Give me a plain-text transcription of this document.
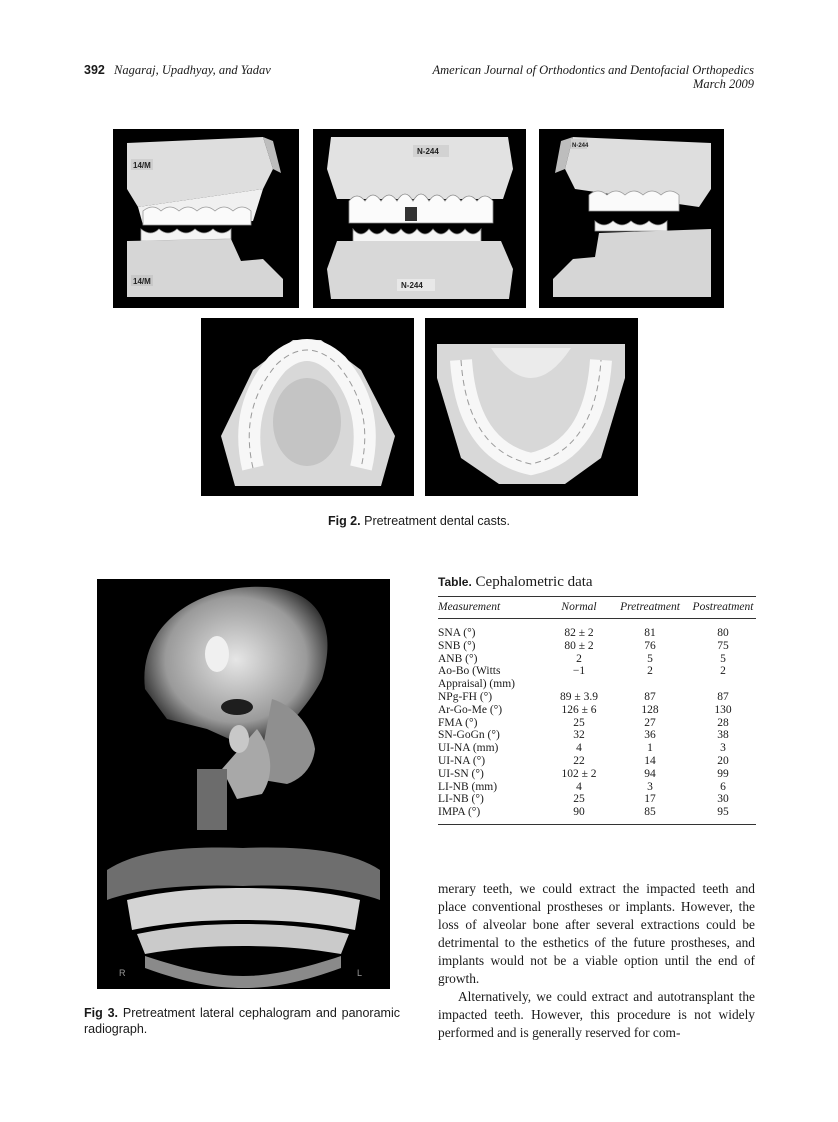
392 Nagaraj, Upadhyay, and Yadav	American Journal of Orthodontics and Dentofacial Orthopedics
March 2009
14/M
14/M
N-244
N-244
N-244
Fig 2. Pretreatment dental casts.
R	L
Fig 3. Pretreatment lateral cephalogram and panoramic radiograph.
Table. Cephalometric data
Measurement	Normal	Pretreatment	Postreatment
SNA (°)	82 ± 2	81	80
SNB (°)	80 ± 2	76	75
ANB (°)	2	5	5
Ao-Bo (Witts Appraisal) (mm)	−1	2	2
NPg-FH (°)	89 ± 3.9	87	87
Ar-Go-Me (°)	126 ± 6	128	130
FMA (°)	25	27	28
SN-GoGn (°)	32	36	38
UI-NA (mm)	4	1	3
UI-NA (°)	22	14	20
UI-SN (°)	102 ± 2	94	99
LI-NB (mm)	4	3	6
LI-NB (°)	25	17	30
IMPA (°)	90	85	95

merary teeth, we could extract the impacted teeth and place conventional prostheses or implants. However, the loss of alveolar bone after several extractions could be detrimental to the esthetics of the future prostheses, and implants would not be a viable option until the end of growth.

Alternatively, we could extract and autotransplant the impacted teeth. However, this procedure is not widely performed and is generally reserved for com-
